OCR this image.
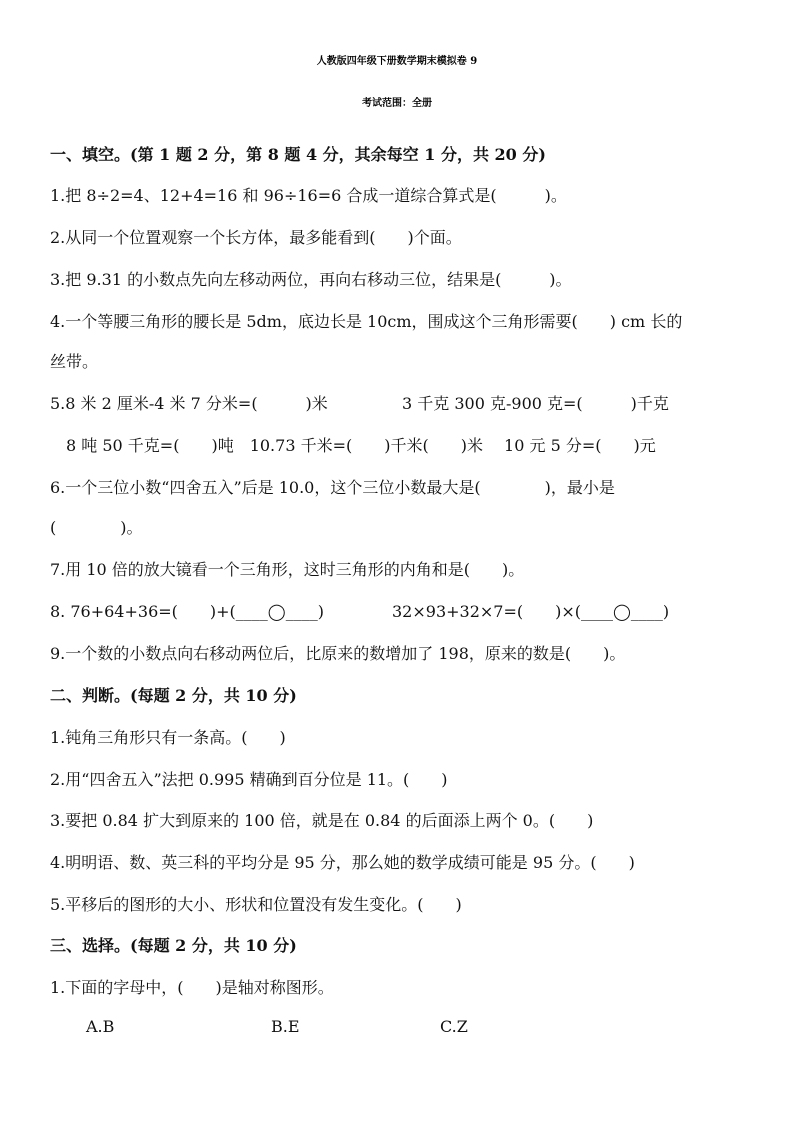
人教版四年级下册数学期末模拟卷 9
考试范围：全册
一、填空。(第 1 题 2 分，第 8 题 4 分，其余每空 1 分，共 20 分)
1.把 8÷2=4、12+4=16 和 96÷16=6 合成一道综合算式是(　　　)。
2.从同一个位置观察一个长方体，最多能看到(　　)个面。
3.把 9.31 的小数点先向左移动两位，再向右移动三位，结果是(　　　)。
4.一个等腰三角形的腰长是 5dm，底边长是 10cm，围成这个三角形需要(　　) cm 长的
丝带。
5.8 米 2 厘米-4 米 7 分米=(　　　)米	3 千克 300 克-900 克=(　　　)千克
8 吨 50 千克=(　　)吨　10.73 千米=(　　)千米(　　)米　 10 元 5 分=(　　)元
6.一个三位小数“四舍五入”后是 10.0，这个三位小数最大是(　　　　)，最小是
(　　　　)。
7.用 10 倍的放大镜看一个三角形，这时三角形的内角和是(　　)。
8. 76+64+36=(　　)+(____◯____)	32×93+32×7=(　　)×(____◯____)
9.一个数的小数点向右移动两位后，比原来的数增加了 198，原来的数是(　　)。
二、判断。(每题 2 分，共 10 分)
1.钝角三角形只有一条高。(　　)
2.用“四舍五入”法把 0.995 精确到百分位是 11。(　　)
3.要把 0.84 扩大到原来的 100 倍，就是在 0.84 的后面添上两个 0。(　　)
4.明明语、数、英三科的平均分是 95 分，那么她的数学成绩可能是 95 分。(　　)
5.平移后的图形的大小、形状和位置没有发生变化。(　　)
三、选择。(每题 2 分，共 10 分)
1.下面的字母中，(　　)是轴对称图形。
A.B	B.E	C.Z
